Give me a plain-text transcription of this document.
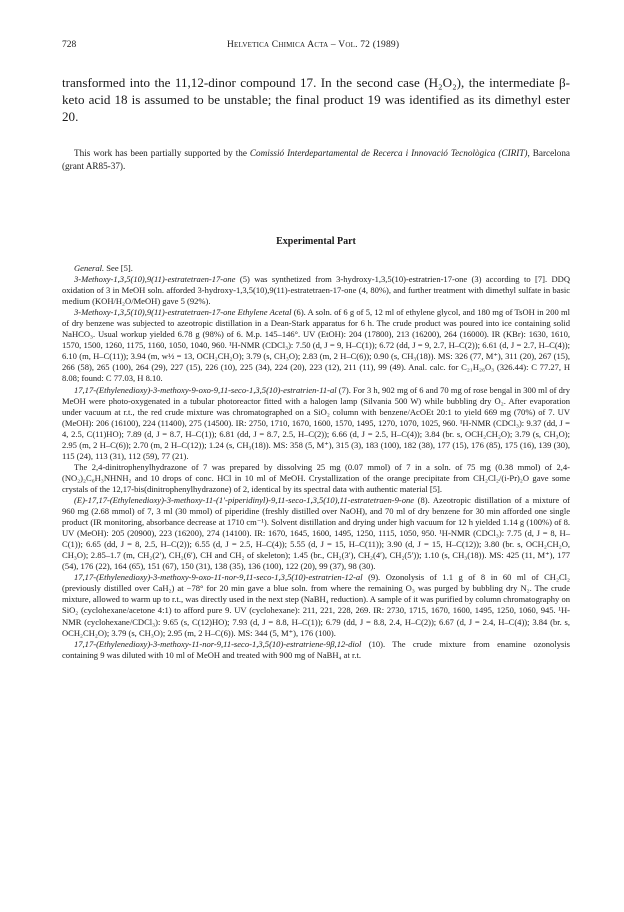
728	Helvetica Chimica Acta – Vol. 72 (1989)
transformed into the 11,12-dinor compound 17. In the second case (H₂O₂), the intermediate β-keto acid 18 is assumed to be unstable; the final product 19 was identified as its dimethyl ester 20.
This work has been partially supported by the Comissió Interdepartamental de Recerca i Innovació Tecnològica (CIRIT), Barcelona (grant AR85-37).
Experimental Part

General. See [5].

3-Methoxy-1,3,5(10),9(11)-estratetraen-17-one (5) was synthetized from 3-hydroxy-1,3,5(10)-estratrien-17-one (3) according to [7]. DDQ oxidation of 3 in MeOH soln. afforded 3-hydroxy-1,3,5(10),9(11)-estratetraen-17-one (4, 80%), and further treatment with dimethyl sulfate in basic medium (KOH/H₂O/MeOH) gave 5 (92%).

3-Methoxy-1,3,5(10),9(11)-estratetraen-17-one Ethylene Acetal (6). A soln. of 6 g of 5, 12 ml of ethylene glycol, and 180 mg of TsOH in 200 ml of dry benzene was subjected to azeotropic distillation in a Dean-Stark apparatus for 6 h. The crude product was poured into ice containing solid NaHCO₃. Usual workup yielded 6.78 g (98%) of 6. M.p. 145–146°. UV (EtOH): 204 (17800), 213 (16200), 264 (16000). IR (KBr): 1630, 1610, 1570, 1500, 1260, 1175, 1160, 1050, 1040, 960. ¹H-NMR (CDCl₃): 7.50 (d, J = 9, H–C(1)); 6.72 (dd, J = 9, 2.7, H–C(2)); 6.61 (d, J = 2.7, H–C(4)); 6.10 (m, H–C(11)); 3.94 (m, w½ = 13, OCH₂CH₂O); 3.79 (s, CH₃O); 2.83 (m, 2 H–C(6)); 0.90 (s, CH₃(18)). MS: 326 (77, M⁺), 311 (20), 267 (15), 266 (58), 265 (100), 264 (29), 227 (15), 226 (10), 225 (34), 224 (20), 223 (12), 211 (11), 99 (49). Anal. calc. for C₂₁H₂₆O₃ (326.44): C 77.27, H 8.08; found: C 77.03, H 8.10.

17,17-(Ethylenedioxy)-3-methoxy-9-oxo-9,11-seco-1,3,5(10)-estratrien-11-al (7). For 3 h, 902 mg of 6 and 70 mg of rose bengal in 300 ml of dry MeOH were photo-oxygenated in a tubular photoreactor fitted with a halogen lamp (Silvania 500 W) while bubbling dry O₂. After evaporation under vacuum at r.t., the red crude mixture was chromatographed on a SiO₂ column with benzene/AcOEt 20:1 to yield 669 mg (70%) of 7. UV (MeOH): 206 (16100), 224 (11400), 275 (14500). IR: 2750, 1710, 1670, 1600, 1570, 1495, 1270, 1070, 1025, 960. ¹H-NMR (CDCl₃): 9.37 (dd, J = 4, 2.5, C(11)HO); 7.89 (d, J = 8.7, H–C(1)); 6.81 (dd, J = 8.7, 2.5, H–C(2)); 6.66 (d, J = 2.5, H–C(4)); 3.84 (br. s, OCH₂CH₂O); 3.79 (s, CH₃O); 2.95 (m, 2 H–C(6)); 2.70 (m, 2 H–C(12)); 1.24 (s, CH₃(18)). MS: 358 (5, M⁺), 315 (3), 183 (100), 182 (38), 177 (15), 176 (85), 175 (16), 139 (30), 115 (24), 113 (31), 112 (59), 77 (21).

The 2,4-dinitrophenylhydrazone of 7 was prepared by dissolving 25 mg (0.07 mmol) of 7 in a soln. of 75 mg (0.38 mmol) of 2,4-(NO₂)₂C₆H₃NHNH₂ and 10 drops of conc. HCl in 10 ml of MeOH. Crystallization of the orange precipitate from CH₂Cl₂/(i-Pr)₂O gave some crystals of the 12,17-bis(dinitrophenylhydrazone) of 2, identical by its spectral data with authentic material [5].

(E)-17,17-(Ethylenedioxy)-3-methoxy-11-(1′-piperidinyl)-9,11-seco-1,3,5(10),11-estratetraen-9-one (8). Azeotropic distillation of a mixture of 960 mg (2.68 mmol) of 7, 3 ml (30 mmol) of piperidine (freshly distilled over NaOH), and 70 ml of dry benzene for 30 min afforded one single product (IR monitoring, absorbance decrease at 1710 cm⁻¹). Solvent distillation and drying under high vacuum for 12 h yielded 1.14 g (100%) of 8. UV (MeOH): 205 (20900), 223 (16200), 274 (14100). IR: 1670, 1645, 1600, 1495, 1250, 1115, 1050, 950. ¹H-NMR (CDCl₃): 7.75 (d, J = 8, H–C(1)); 6.65 (dd, J = 8, 2.5, H–C(2)); 6.55 (d, J = 2.5, H–C(4)); 5.55 (d, J = 15, H–C(11)); 3.90 (d, J = 15, H–C(12)); 3.80 (br. s, OCH₂CH₂O, CH₃O); 2.85–1.7 (m, CH₂(2′), CH₂(6′), CH and CH₂ of skeleton); 1.45 (br., CH₂(3′), CH₂(4′), CH₂(5′)); 1.10 (s, CH₃(18)). MS: 425 (11, M⁺), 177 (54), 176 (22), 164 (65), 151 (67), 150 (31), 138 (35), 136 (100), 122 (20), 99 (37), 98 (30).

17,17-(Ethylenedioxy)-3-methoxy-9-oxo-11-nor-9,11-seco-1,3,5(10)-estratrien-12-al (9). Ozonolysis of 1.1 g of 8 in 60 ml of CH₂Cl₂ (previously distilled over CaH₂) at −78° for 20 min gave a blue soln. from where the remaining O₃ was purged by bubbling dry N₂. The crude mixture, allowed to warm up to r.t., was directly used in the next step (NaBH₄ reduction). A sample of it was purified by column chromatography on SiO₂ (cyclohexane/acetone 4:1) to afford pure 9. UV (cyclohexane): 211, 221, 228, 269. IR: 2730, 1715, 1670, 1600, 1495, 1250, 1060, 945. ¹H-NMR (cyclohexane/CDCl₃): 9.65 (s, C(12)HO); 7.93 (d, J = 8.8, H–C(1)); 6.79 (dd, J = 8.8, 2.4, H–C(2)); 6.67 (d, J = 2.4, H–C(4)); 3.84 (br. s, OCH₂CH₂O); 3.79 (s, CH₃O); 2.95 (m, 2 H–C(6)). MS: 344 (5, M⁺), 176 (100).

17,17-(Ethylenedioxy)-3-methoxy-11-nor-9,11-seco-1,3,5(10)-estratriene-9β,12-diol (10). The crude mixture from enamine ozonolysis containing 9 was diluted with 10 ml of MeOH and treated with 900 mg of NaBH₄ at r.t.
